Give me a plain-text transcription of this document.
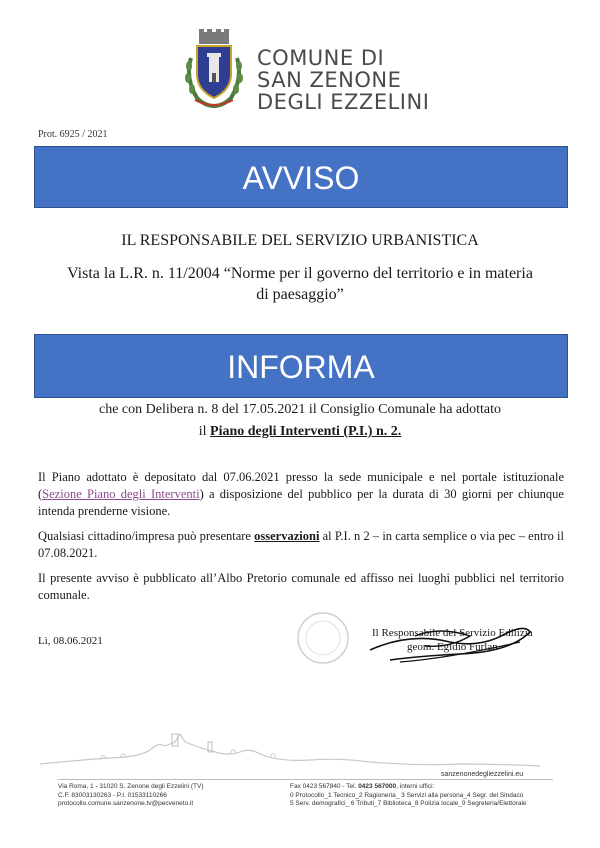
COMUNE DI
SAN ZENONE
DEGLI EZZELINI
Prot. 6925 / 2021
AVVISO
IL RESPONSABILE DEL SERVIZIO URBANISTICA
Vista la L.R. n. 11/2004 “Norme per il governo del territorio e in materia
di paesaggio”
INFORMA
che con Delibera n. 8 del 17.05.2021 il Consiglio Comunale ha adottato
il Piano degli Interventi (P.I.) n. 2.
Il Piano adottato è depositato dal 07.06.2021 presso la sede municipale e nel portale istituzionale (Sezione Piano degli Interventi) a disposizione del pubblico per la durata di 30 giorni per chiunque intenda prenderne visione.
Qualsiasi cittadino/impresa può presentare osservazioni al P.I. n 2 – in carta semplice o via pec – entro il 07.08.2021.
Il presente avviso è pubblicato all’Albo Pretorio comunale ed affisso nei luoghi pubblici nel territorio comunale.
Lì, 08.06.2021
Il Responsabile del Servizio Edilizia
geom. Egidio Furlan
sanzenonedegliezzelini.eu
Via Roma, 1 - 31020 S. Zenone degli Ezzelini (TV)
C.F. 83003130263 - P.I. 01533110266
protocollo.comune.sanzenone.tv@pecveneto.it
Fax 0423 567840 - Tel. 0423 567000, interni uffici:
0 Protocollo_1 Tecnico_2 Ragioneria_ 3 Servizi alla persona_4 Segr. del Sindaco
5 Serv. demografici_ 6 Tributi_7 Biblioteca_8 Polizia locale_9 Segreteria/Elettorale
